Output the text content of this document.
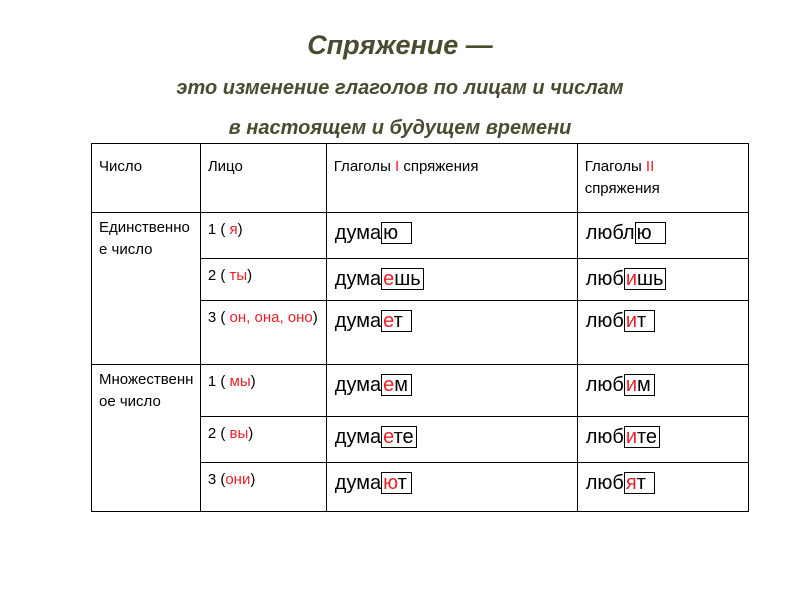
Спряжение —
это изменение глаголов по лицам и числам
в настоящем и будущем времени
Число	Лицо	Глаголы I спряжения	Глаголы II
спряжения

Единственное число	1 ( я)	дума ю	любл ю

	2 ( ты)	дума ешь	люб ишь

	3 ( он, она, оно)	дума ет	люб ит

Множественное число	1 ( мы)	дума ем	люб им

	2 ( вы)	дума ете	люб ите

	3 (они)	дума ют	люб ят
